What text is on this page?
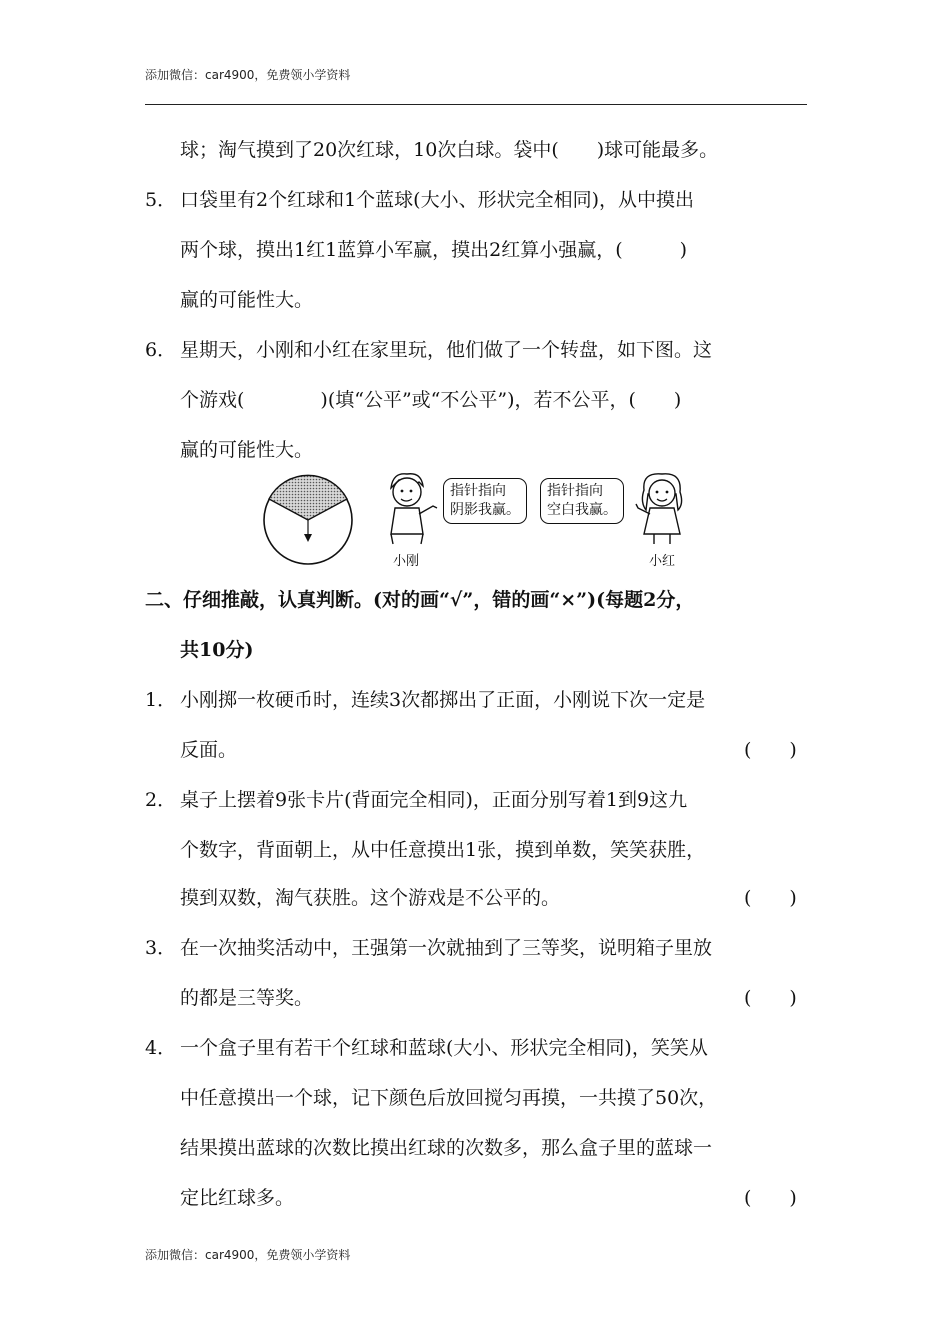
添加微信：car4900，免费领小学资料
球；淘气摸到了20次红球，10次白球。袋中(　　)球可能最多。
5． 口袋里有2个红球和1个蓝球(大小、形状完全相同)，从中摸出
两个球，摸出1红1蓝算小军赢，摸出2红算小强赢，(　　　)
赢的可能性大。
6． 星期天，小刚和小红在家里玩，他们做了一个转盘，如下图。这
个游戏(　　　　)(填“公平”或“不公平”)，若不公平，(　　)
赢的可能性大。
指针指向
阴影我赢。
指针指向
空白我赢。
小刚	小红
二、仔细推敲，认真判断。(对的画“√”，错的画“×”)(每题2分，
共10分)
1． 小刚掷一枚硬币时，连续3次都掷出了正面，小刚说下次一定是
反面。	(　　)
2． 桌子上摆着9张卡片(背面完全相同)，正面分别写着1到9这九
个数字，背面朝上，从中任意摸出1张，摸到单数，笑笑获胜，
摸到双数，淘气获胜。这个游戏是不公平的。	(　　)
3． 在一次抽奖活动中，王强第一次就抽到了三等奖，说明箱子里放
的都是三等奖。	(　　)
4． 一个盒子里有若干个红球和蓝球(大小、形状完全相同)，笑笑从
中任意摸出一个球，记下颜色后放回搅匀再摸，一共摸了50次，
结果摸出蓝球的次数比摸出红球的次数多，那么盒子里的蓝球一
定比红球多。	(　　)
添加微信：car4900，免费领小学资料
